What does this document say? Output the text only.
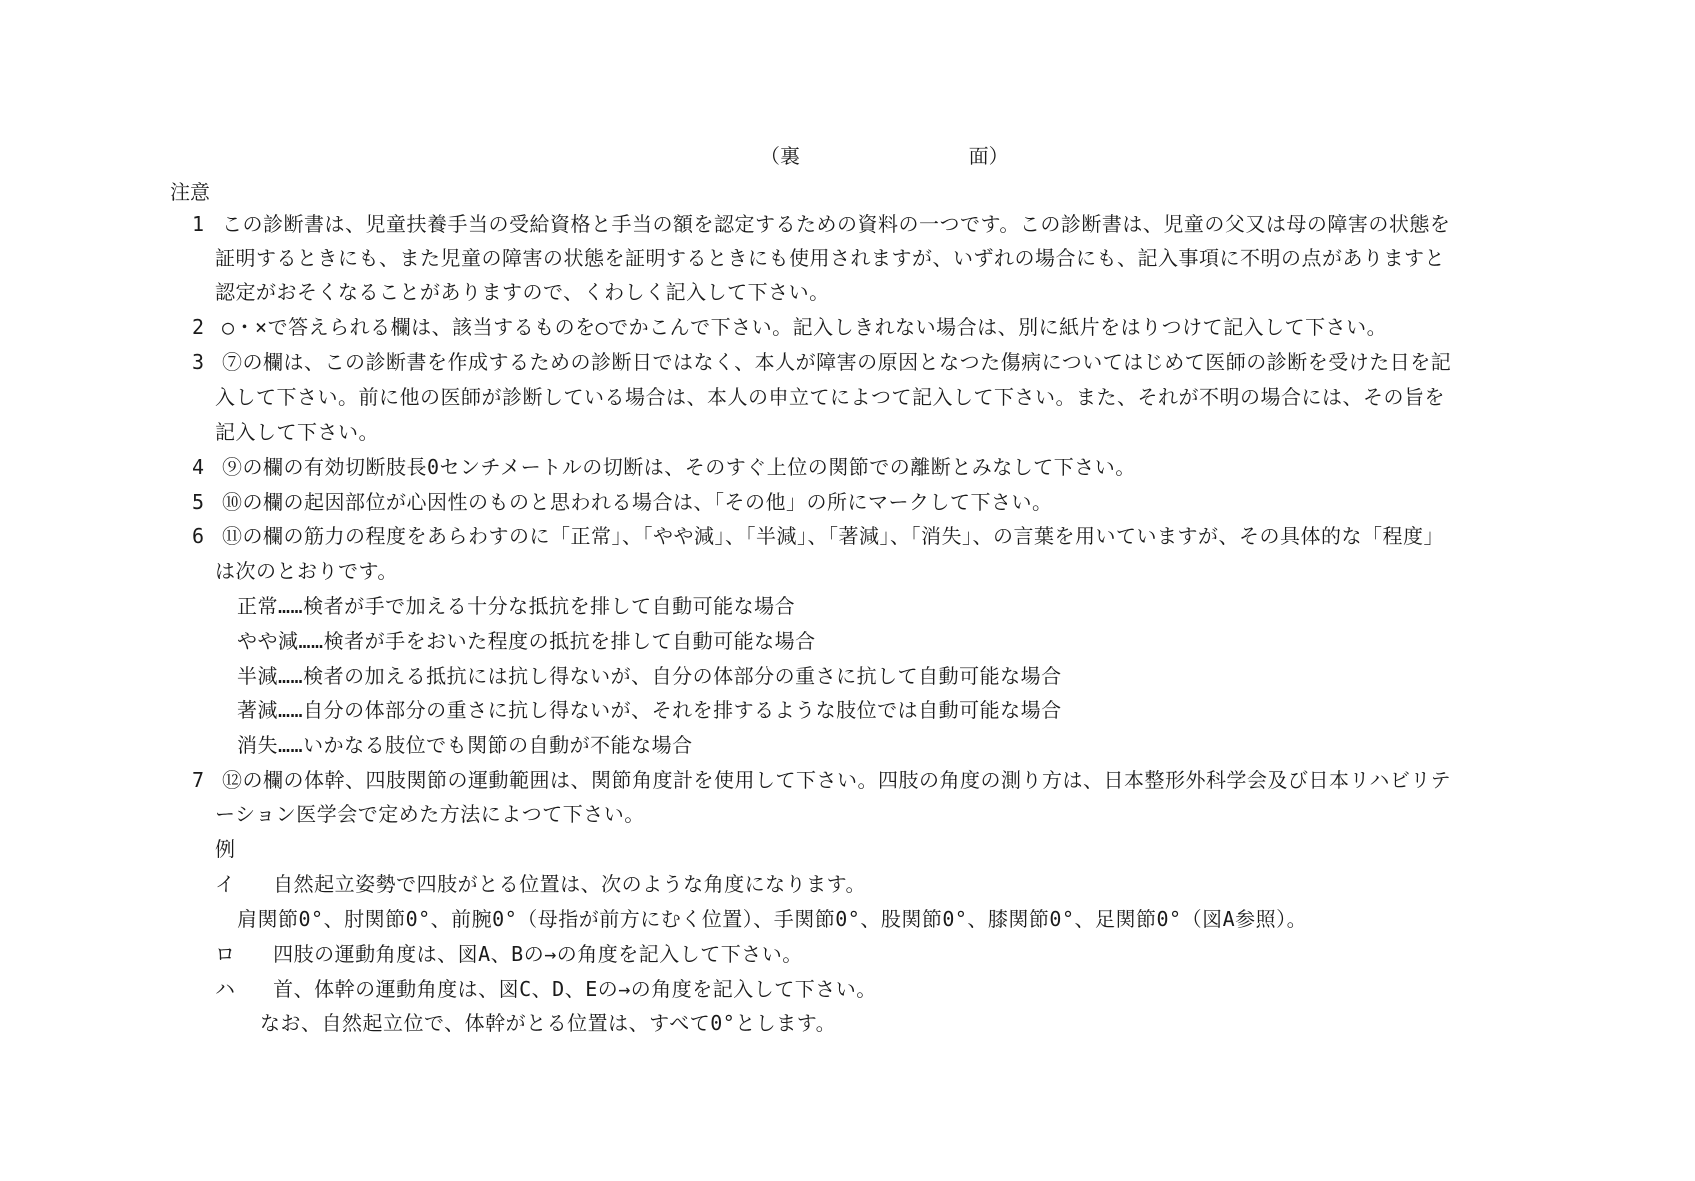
（裏	面）
注意
1 この診断書は、児童扶養手当の受給資格と手当の額を認定するための資料の一つです。この診断書は、児童の父又は母の障害の状態を
証明するときにも、また児童の障害の状態を証明するときにも使用されますが、いずれの場合にも、記入事項に不明の点がありますと
認定がおそくなることがありますので、くわしく記入して下さい。
2 ○・×で答えられる欄は、該当するものを○でかこんで下さい。記入しきれない場合は、別に紙片をはりつけて記入して下さい。
3 ⑦の欄は、この診断書を作成するための診断日ではなく、本人が障害の原因となつた傷病についてはじめて医師の診断を受けた日を記
入して下さい。前に他の医師が診断している場合は、本人の申立てによつて記入して下さい。また、それが不明の場合には、その旨を
記入して下さい。
4 ⑨の欄の有効切断肢長0センチメートルの切断は、そのすぐ上位の関節での離断とみなして下さい。
5 ⑩の欄の起因部位が心因性のものと思われる場合は、「その他」の所にマークして下さい。
6 ⑪の欄の筋力の程度をあらわすのに「正常」、「やや減」、「半減」、「著減」、「消失」、の言葉を用いていますが、その具体的な「程度」
は次のとおりです。
正常……検者が手で加える十分な抵抗を排して自動可能な場合
やや減……検者が手をおいた程度の抵抗を排して自動可能な場合
半減……検者の加える抵抗には抗し得ないが、自分の体部分の重さに抗して自動可能な場合
著減……自分の体部分の重さに抗し得ないが、それを排するような肢位では自動可能な場合
消失……いかなる肢位でも関節の自動が不能な場合
7 ⑫の欄の体幹、四肢関節の運動範囲は、関節角度計を使用して下さい。四肢の角度の測り方は、日本整形外科学会及び日本リハビリテ
ーション医学会で定めた方法によつて下さい。
例
イ 自然起立姿勢で四肢がとる位置は、次のような角度になります。
肩関節0°、肘関節0°、前腕0°（母指が前方にむく位置）、手関節0°、股関節0°、膝関節0°、足関節0°（図A参照）。
ロ 四肢の運動角度は、図A、Bの→の角度を記入して下さい。
ハ 首、体幹の運動角度は、図C、D、Eの→の角度を記入して下さい。
なお、自然起立位で、体幹がとる位置は、すべて0°とします。
